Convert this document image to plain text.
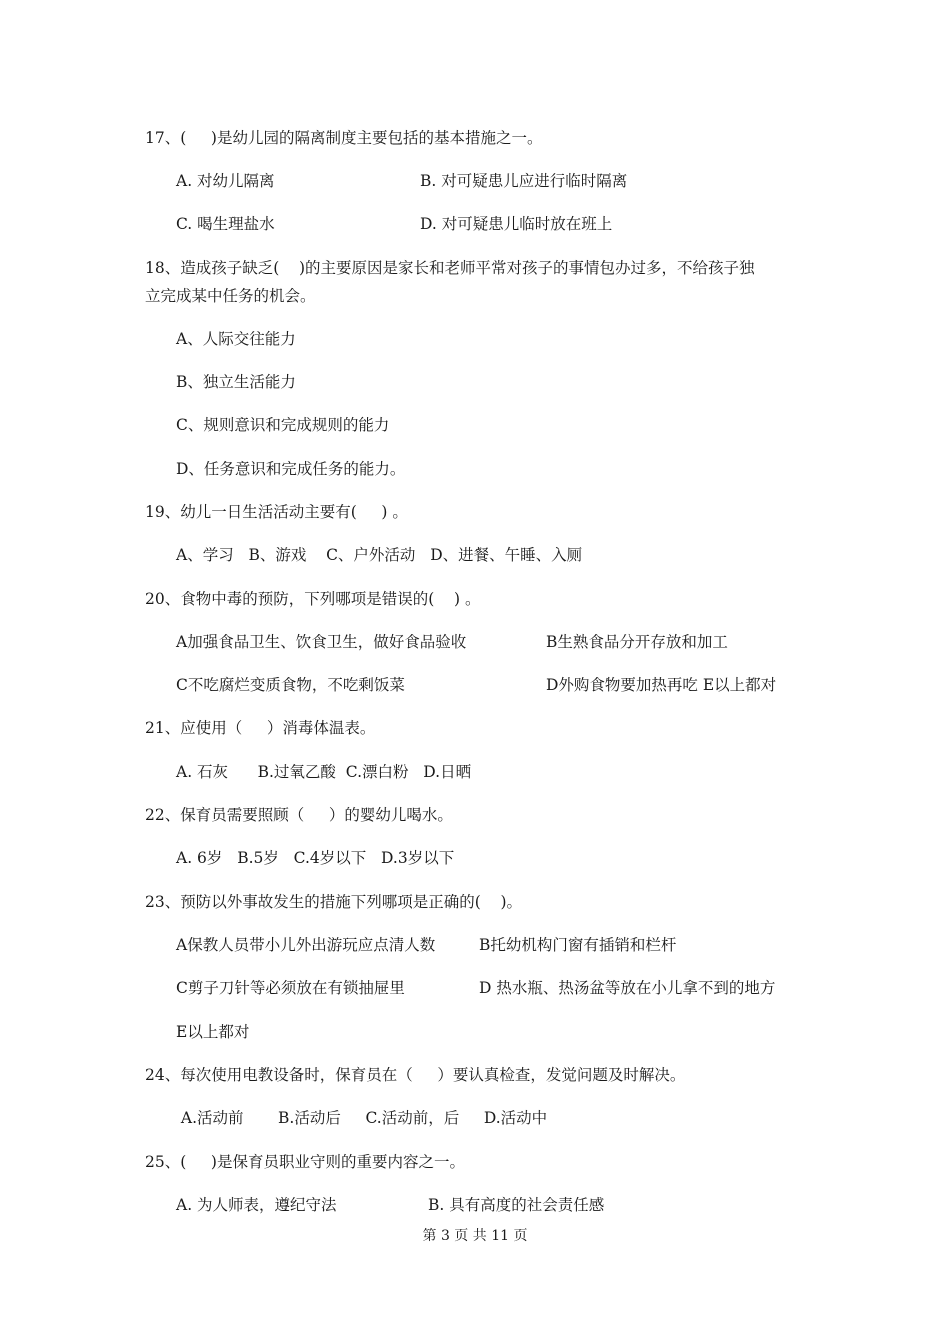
17、(     )是幼儿园的隔离制度主要包括的基本措施之一。
A. 对幼儿隔离	B. 对可疑患儿应进行临时隔离
C. 喝生理盐水	D. 对可疑患儿临时放在班上
18、造成孩子缺乏(    )的主要原因是家长和老师平常对孩子的事情包办过多，不给孩子独
立完成某中任务的机会。
A、人际交往能力
B、独立生活能力
C、规则意识和完成规则的能力
D、任务意识和完成任务的能力。
19、幼儿一日生活活动主要有(     ) 。
A、学习   B、游戏    C、户外活动   D、进餐、午睡、入厕
20、食物中毒的预防，下列哪项是错误的(    ) 。
A加强食品卫生、饮食卫生，做好食品验收	B生熟食品分开存放和加工
C不吃腐烂变质食物，不吃剩饭菜	D外购食物要加热再吃 E以上都对
21、应使用（     ）消毒体温表。
A. 石灰      B.过氧乙酸  C.漂白粉   D.日晒
22、保育员需要照顾（     ）的婴幼儿喝水。
A. 6岁   B.5岁   C.4岁以下   D.3岁以下
23、预防以外事故发生的措施下列哪项是正确的(    )。
A保教人员带小儿外出游玩应点清人数	B托幼机构门窗有插销和栏杆
C剪子刀针等必须放在有锁抽屉里	D 热水瓶、热汤盆等放在小儿拿不到的地方
E以上都对
24、每次使用电教设备时，保育员在（     ）要认真检查，发觉问题及时解决。
A.活动前       B.活动后     C.活动前，后     D.活动中
25、(     )是保育员职业守则的重要内容之一。
A. 为人师表，遵纪守法	B. 具有高度的社会责任感
第 3 页 共 11 页
